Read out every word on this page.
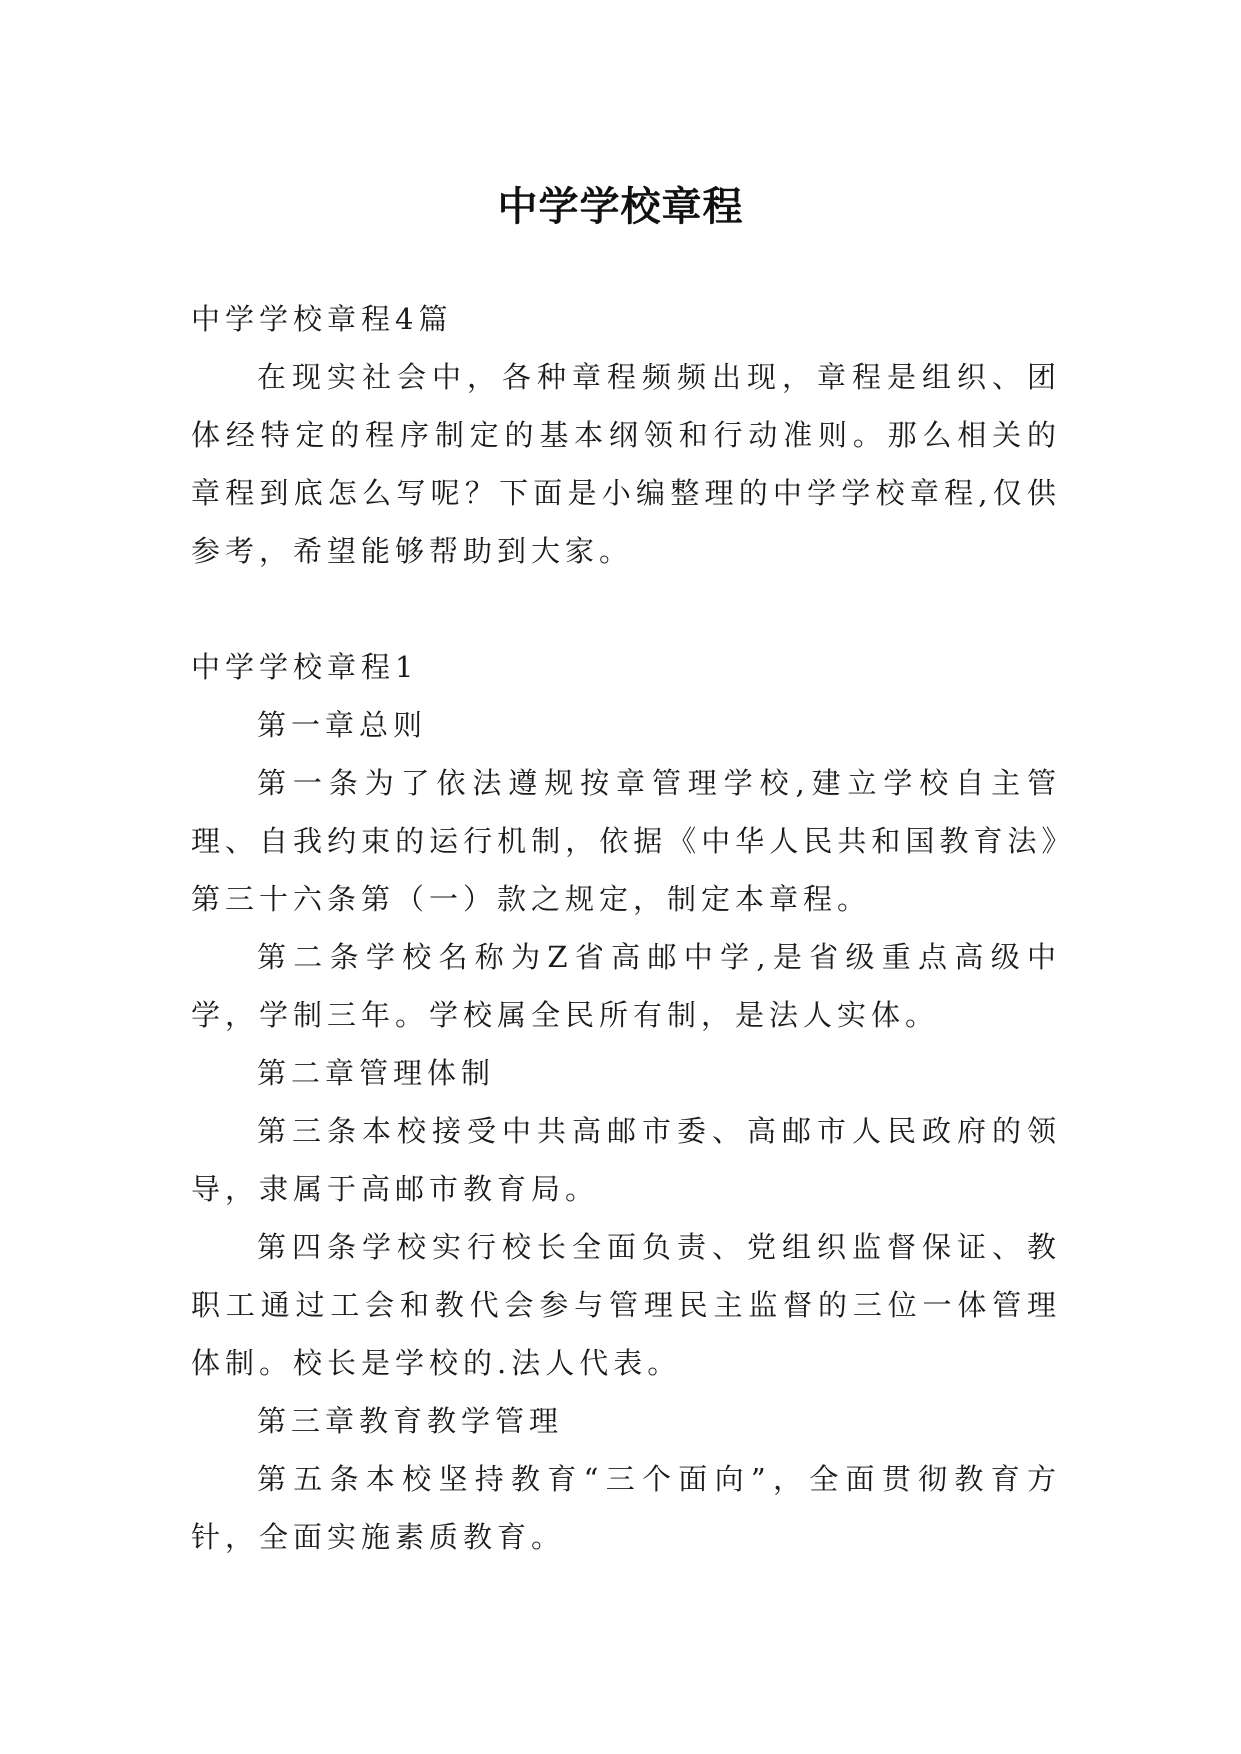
中学学校章程

中学学校章程4篇

在现实社会中，各种章程频频出现，章程是组织、团体经特定的程序制定的基本纲领和行动准则。那么相关的章程到底怎么写呢？下面是小编整理的中学学校章程,仅供参考，希望能够帮助到大家。

中学学校章程1

第一章总则

第一条为了依法遵规按章管理学校,建立学校自主管理、自我约束的运行机制，依据《中华人民共和国教育法》第三十六条第（一）款之规定，制定本章程。

第二条学校名称为Z省高邮中学,是省级重点高级中学，学制三年。学校属全民所有制，是法人实体。

第二章管理体制

第三条本校接受中共高邮市委、高邮市人民政府的领导，隶属于高邮市教育局。

第四条学校实行校长全面负责、党组织监督保证、教职工通过工会和教代会参与管理民主监督的三位一体管理体制。校长是学校的.法人代表。

第三章教育教学管理

第五条本校坚持教育“三个面向”，全面贯彻教育方针，全面实施素质教育。
